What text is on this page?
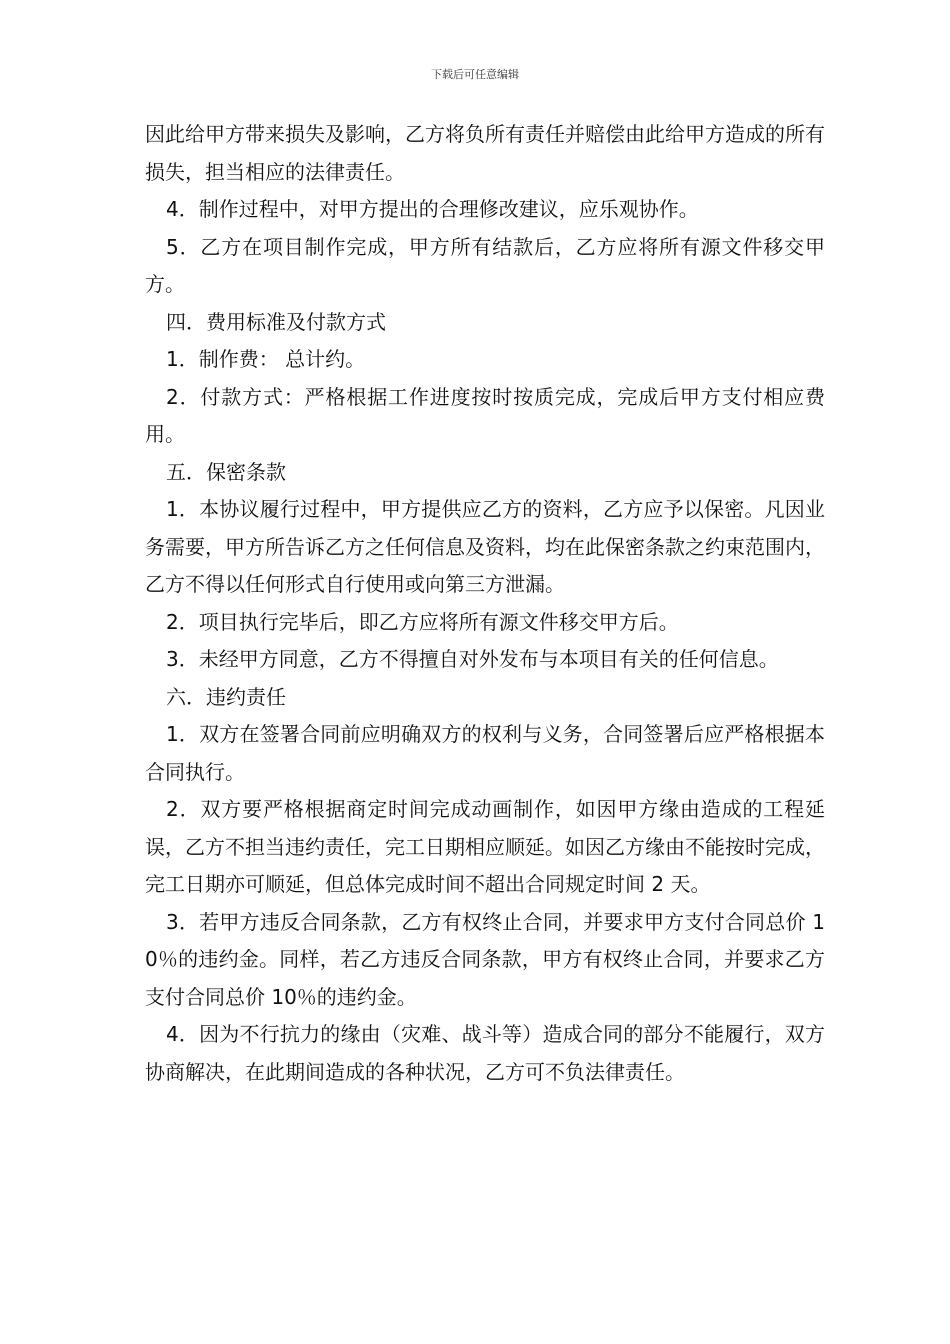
下载后可任意编辑

因此给甲方带来损失及影响，乙方将负所有责任并赔偿由此给甲方造成的所有损失，担当相应的法律责任。

4．制作过程中，对甲方提出的合理修改建议，应乐观协作。

5．乙方在项目制作完成，甲方所有结款后，乙方应将所有源文件移交甲方。

四．费用标准及付款方式

1．制作费： 总计约。

2．付款方式：严格根据工作进度按时按质完成，完成后甲方支付相应费用。

五．保密条款

1．本协议履行过程中，甲方提供应乙方的资料，乙方应予以保密。凡因业务需要，甲方所告诉乙方之任何信息及资料，均在此保密条款之约束范围内，乙方不得以任何形式自行使用或向第三方泄漏。

2．项目执行完毕后，即乙方应将所有源文件移交甲方后。

3．未经甲方同意，乙方不得擅自对外发布与本项目有关的任何信息。

六．违约责任

1．双方在签署合同前应明确双方的权利与义务，合同签署后应严格根据本合同执行。

2．双方要严格根据商定时间完成动画制作，如因甲方缘由造成的工程延误，乙方不担当违约责任，完工日期相应顺延。如因乙方缘由不能按时完成，完工日期亦可顺延，但总体完成时间不超出合同规定时间 2 天。

3．若甲方违反合同条款，乙方有权终止合同，并要求甲方支付合同总价 10％的违约金。同样，若乙方违反合同条款，甲方有权终止合同，并要求乙方支付合同总价 10％的违约金。

4．因为不行抗力的缘由（灾难、战斗等）造成合同的部分不能履行，双方协商解决，在此期间造成的各种状况，乙方可不负法律责任。
